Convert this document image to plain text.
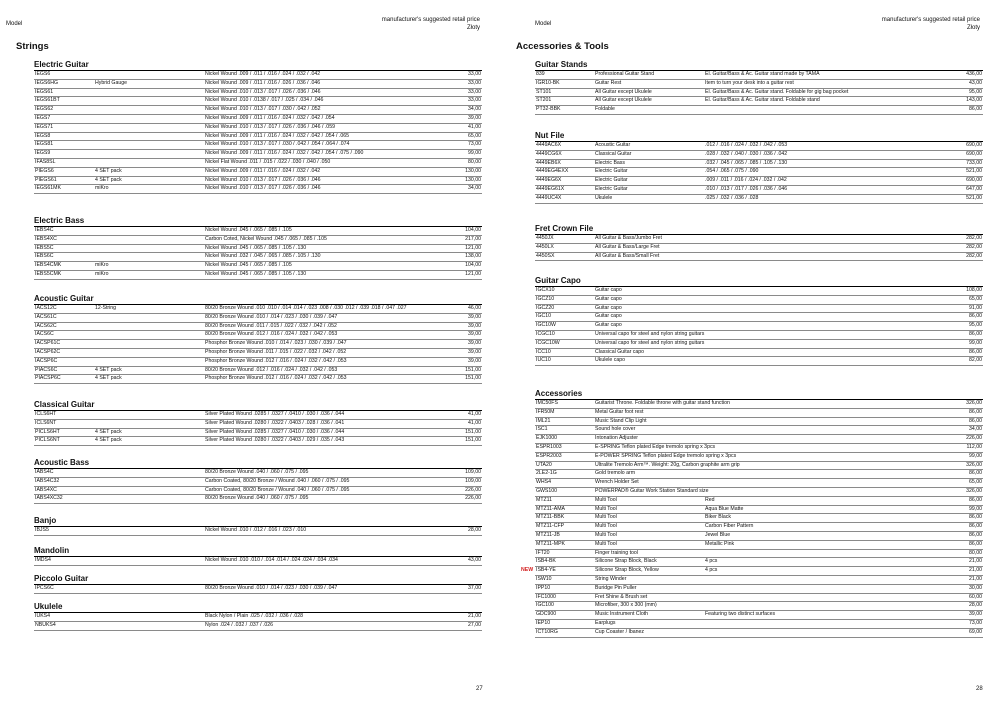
Model
manufacturer's suggested retail price
Złoty
Strings
27
Electric Guitar
IEGS6	Nickel Wound .009 / .011 / .016 / .024 / .032 / .042	33,00
IEGS6HG	Hybrid Gauge	Nickel Wound .009 / .011 / .016 / .026 / .036 / .046	33,00
IEGS61	Nickel Wound .010 / .013 / .017 / .026 / .036 / .046	33,00
IEGS61BT	Nickel Wound .010 / .0138 / .017 / .025 / .034 / .046	33,00
IEGS62	Nickel Wound .010 / .013 / .017 / .030 / .042 / .052	34,00
IEGS7	Nickel Wound .009 / .011 / .016 / .024 / .032 / .042 / .054	39,00
IEGS71	Nickel Wound .010 / .013 / .017 / .026 / .036 / .046 / .059	41,00
IEGS8	Nickel Wound .009 / .011 / .016 / .024 / .032 / .042 / .054 / .065	65,00
IEGS81	Nickel Wound .010 / .013 / .017 / .030 / .042 / .054 / .064 / .074	73,00
IEGS9	Nickel Wound .009 / .011 / .016 / .024 / .032 / .042 / .054 / .075 / .090	99,00
IFAS8SL	Nickel Flat Wound .011 / .015 / .022 / .030 / .040 / .050	80,00
PIEGS6	4 SET pack	Nickel Wound .009 / .011 / .016 / .024 / .032 / .042	130,00
PIEGS61	4 SET pack	Nickel Wound .010 / .013 / .017 / .026 / .036 / .046	130,00
IEGS61MK	miKro	Nickel Wound .010 / .013 / .017 / .026 / .036 / .046	34,00
Electric Bass
IEBS4C	Nickel Wound .045 / .065 / .085 / .105	104,00
IEBS4XC	Carbon Coted, Nickel Wound .045 / .065 / .085 / .105	217,00
IEBS5C	Nickel Wound .045 / .065 / .085 / .105 / .130	121,00
IEBS6C	Nickel Wound .032 / .045 / .065 / .085 / .105 / .130	138,00
IEBS4CMK	miKro	Nickel Wound .045 / .065 / .085 / .105	104,00
IEBS5CMK	miKro	Nickel Wound .045 / .065 / .085 / .105 / .130	121,00
Acoustic Guitar
IACS12C	12-String	80/20 Bronze Wound .010 .010 / .014 .014 / .023 .008 / .030 .012 / .039 .018 / .047 .027	46,00
IACS61C	80/20 Bronze Wound .010 / .014 / .023 / .030 / .039 / .047	39,00
IACS62C	80/20 Bronze Wound .011 / .015 / .022 / .032 / .042 / .052	39,00
IACS6C	80/20 Bronze Wound .012 / .016 / .024 / .032 / .042 / .053	39,00
IACSP61C	Phosphor Bronze Wound .010 / .014 / .023 / .030 / .039 / .047	39,00
IACSP62C	Phosphor Bronze Wound .011 / .015 / .022 / .032 / .042 / .052	39,00
IACSP6C	Phosphor Bronze Wound .012 / .016 / .024 / .032 / .042 / .053	39,00
PIACS6C	4 SET pack	80/20 Bronze Wound .012 / .016 / .024 / .032 / .042 / .053	151,00
PIACSP6C	4 SET pack	Phosphor Bronze Wound .012 / .016 / .024 / .032 / .042 / .053	151,00
Classical Guitar
ICLS6HT	Silver Plated Wound .0285 / .0327 / .0410 / .030 / .036 / .044	41,00
ICLS6NT	Silver Plated Wound .0280 / .0322 / .0403 / .028 / .036 / .041	41,00
PICLS6HT	4 SET pack	Silver Plated Wound .0285 / .0327 / .0410 / .030 / .036 / .044	151,00
PICLS6NT	4 SET pack	Silver Plated Wound .0280 / .0322 / .0403 / .029 / .035 / .043	151,00
Acoustic Bass
IABS4C	80/20 Bronze Wound .040 / .060 / .075 / .095	109,00
IABS4C32	Carbon Coated, 80/20 Bronze / Wound .040 / .060 / .075 / .095	109,00
IABS4XC	Carbon Coated, 80/20 Bronze / Wound .040 / .060 / .075 / .095	226,00
IABS4XC32	80/20 Bronze Wound .040 / .060 / .075 / .095	226,00
Banjo
IBJS5	Nickel Wound .010 / .012 / .016 / .023 / .010	28,00
Mandolin
IMDS4	Nickel Wound .010 .010 / .014 .014 / .024 .024 / .034 .034	43,00
Piccolo Guitar
IPCS6C	80/20 Bronze Wound .010 / .014 / .023 / .030 / .039 / .047	37,00
Ukulele
IUKS4	Black Nylon / Plain .025 / .032 / .036 / .028	21,00
NBUKS4	Nylon .024 / .032 / .037 / .026	27,00
Model
manufacturer's suggested retail price
Złoty
Accessories & Tools
28
Guitar Stands
839	Professional Guitar Stand	El. Guitar/Bass & Ac. Guitar stand made by TAMA	436,00
IGR10-BK	Guitar Rest	Item to turn your desk into a guitar rest	43,00
ST101	All Guitar except Ukulele	El. Guitar/Bass & Ac. Guitar stand. Foldable for gig bag pocket	95,00
ST201	All Guitar except Ukulele	El. Guitar/Bass & Ac. Guitar stand. Foldable stand	143,00
PT32-BBK	Foldable	86,00
Nut File
4449AC6X	Acoustic Guitar	.012 / .016 / .024 / .032 / .042 / .053	690,00
4449CG6X	Classical Guitar	.028 / .032 / .040 / .030 / .036 / .042	690,00
4449EB6X	Electric Bass	.032 / .045 / .065 / .085 / .105 / .130	733,00
4449EG4EXX	Electric Guitar	.054 / .065 / .075 / .090	521,00
4449EG6X	Electric Guitar	.009 / .011 / .016 / .024 / .032 / .042	690,00
4449EG61X	Electric Guitar	.010 / .013 / .017 / .026 / .036 / .046	647,00
4449UC4X	Ukulele	.025 / .032 / .036 / .028	521,00
Fret Crown File
4450JX	All Guitar & Bass/Jumbo Fret	282,00
4450LX	All Guitar & Bass/Large Fret	282,00
4450SX	All Guitar & Bass/Small Fret	282,00
Guitar Capo
IGCX10	Guitar capo	108,00
IGCZ10	Guitar capo	65,00
IGCZ20	Guitar capo	91,00
IGC10	Guitar capo	86,00
IGC10W	Guitar capo	95,00
ICGC10	Universal capo for steel and nylon string guitars	86,00
ICGC10W	Universal capo for steel and nylon string guitars	99,00
ICC10	Classical Guitar capo	86,00
IUC10	Ukulele capo	82,00
Accessories
IMC50FS	Guitarist Throne. Foldable throne with guitar stand function	326,00
IFR50M	Metal Guitar foot rest	86,00
IML21	Music Stand Clip Light	86,00
ISC1	Sound hole cover	34,00
EJK1000	Intonation Adjuster	226,00
ESPR1003	E-SPRING Teflon plated Edge tremolo spring x 3pcs	112,00
ESPR2003	E-POWER SPRING Teflon plated Edge tremolo spring x 3pcs	99,00
UTA20	Ultralite Tremolo Arm™. Weight: 20g, Carbon graphite arm grip	326,00
2LE2-1G	Gold tremolo arm	86,00
WHS4	Wrench Holder Set	65,00
GWS100	POWERPAD® Guitar Work Station Standard size	326,00
MTZ11	Multi Tool	Red	86,00
MTZ11-AMA	Multi Tool	Aqua Blue Matte	99,00
MTZ11-BBK	Multi Tool	Biker Black	86,00
MTZ11-CFP	Multi Tool	Carbon Fiber Pattern	86,00
MTZ11-JB	Multi Tool	Jewel Blue	86,00
MTZ11-MPK	Multi Tool	Metallic Pink	86,00
IFT20	Finger training tool	80,00
ISB4-BK	Silicone Strap Block, Black	4 pcs	21,00
ISB4-YE	Silicone Strap Block, Yellow	4 pcs	21,00
NEW
ISW10	String Winder	21,00
IPP10	Buridge Pin Puller	30,00
IFC1000	Fret Shine & Brush set	60,00
IGC100	Microfiber, 300 x 300 (mm)	28,00
GDC900	Music Instrument Cloth	Featuring two distinct surfaces	39,00
IEP10	Earplugs	73,00
ICT10RG	Cup Coaster / Ibanez	69,00
